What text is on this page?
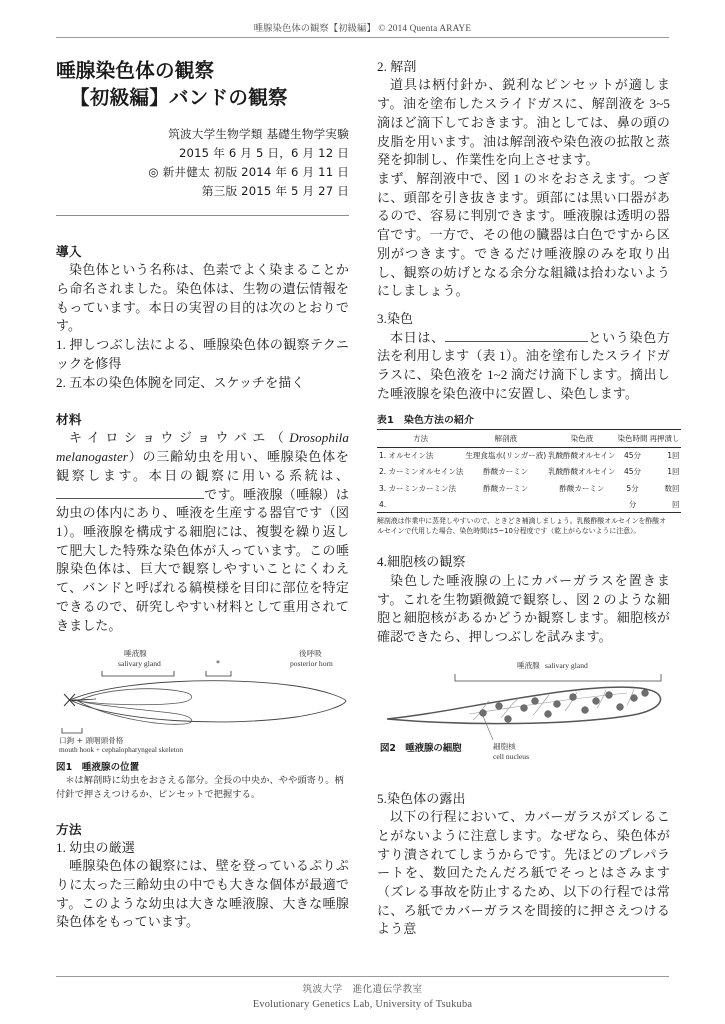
唾腺染色体の観察【初級編】 © 2014 Quenta ARAYE
唾腺染色体の観察
【初級編】バンドの観察
筑波大学生物学類 基礎生物学実験
2015 年 6 月 5 日，6 月 12 日
◎ 新井健太 初版 2014 年 6 月 11 日
第三版 2015 年 5 月 27 日
導入

染色体という名称は、色素でよく染まることから命名されました。染色体は、生物の遺伝情報をもっています。本日の実習の目的は次のとおりです。

1. 押しつぶし法による、唾腺染色体の観察テクニックを修得

2. 五本の染色体腕を同定、スケッチを描く

材料

キイロショウジョウバエ（Drosophila melanogaster）の三齢幼虫を用い、唾腺染色体を観察します。本日の観察に用いる系統は、です。唾液腺（唾線）は幼虫の体内にあり、唾液を生産する器官です（図 1）。唾液腺を構成する細胞には、複製を繰り返して肥大した特殊な染色体が入っています。この唾腺染色体は、巨大で観察しやすいことにくわえて、バンドと呼ばれる縞模様を目印に部位を特定できるので、研究しやすい材料として重用されてきました。

唾液腺
salivary gland	*
後呼吸
posterior horn
口鉤 + 頭咽頭骨格
mouth hook + cephalopharyngeal skeleton

図1　唾液腺の位置

＊は解剖時に幼虫をおさえる部分。全長の中央か、やや頭寄り。柄付針で押さえつけるか、ピンセットで把握する。

方法

1. 幼虫の厳選

唾腺染色体の観察には、壁を登っているぷりぷりに太った三齢幼虫の中でも大きな個体が最適です。このような幼虫は大きな唾液腺、大きな唾腺染色体をもっています。

2. 解剖

道具は柄付針か、鋭利なピンセットが適します。油を塗布したスライドガスに、解剖液を 3~5 滴ほど滴下しておきます。油としては、鼻の頭の皮脂を用います。油は解剖液や染色液の拡散と蒸発を抑制し、作業性を向上させます。

まず、解剖液中で、図 1 の＊をおさえます。つぎに、頭部を引き抜きます。頭部には黒い口器があるので、容易に判別できます。唾液腺は透明の器官です。一方で、その他の臓器は白色ですから区別がつきます。できるだけ唾液腺のみを取り出し、観察の妨げとなる余分な組織は拾わないようにしましょう。

3.染色

本日は、	という染色方法を利用します（表 1）。油を塗布したスライドガラスに、染色液を 1~2 滴だけ滴下します。摘出した唾液腺を染色液中に安置し、染色します。

表1　染色方法の紹介

方法	解剖液	染色液	染色時間	再押潰し
1. オルセイン法	生理食塩水(リンガー液)	乳酸酢酸オルセイン	45分	1回
2. カーミンオルセイン法	酢酸カーミン	乳酸酢酸オルセイン	45分	1回
3. カーミンカーミン法	酢酸カーミン	酢酸カーミン	5分	数回
4.			分	回

解剖液は作業中に蒸発しやすいので、ときどき補滴しましょう。乳酸酢酸オルセインを酢酸オルセインで代用した場合、染色時間は5~10分程度です（乾上がらないように注意）。

4.細胞核の観察

染色した唾液腺の上にカバーガラスを置きます。これを生物顕微鏡で観察し、図 2 のような細胞と細胞核があるかどうか観察します。細胞核が確認できたら、押しつぶしを試みます。

唾液腺 salivary gland
細胞核
cell nucleus
図2　唾液腺の細胞

5.染色体の露出

以下の行程において、カバーガラスがズレることがないように注意します。なぜなら、染色体がすり潰されてしまうからです。先ほどのプレパラートを、数回たたんだろ紙でそっとはさみます（ズレる事故を防止するため、以下の行程では常に、ろ紙でカバーガラスを間接的に押さえつけるよう意

筑波大学　進化遺伝学教室
Evolutionary Genetics Lab, University of Tsukuba
